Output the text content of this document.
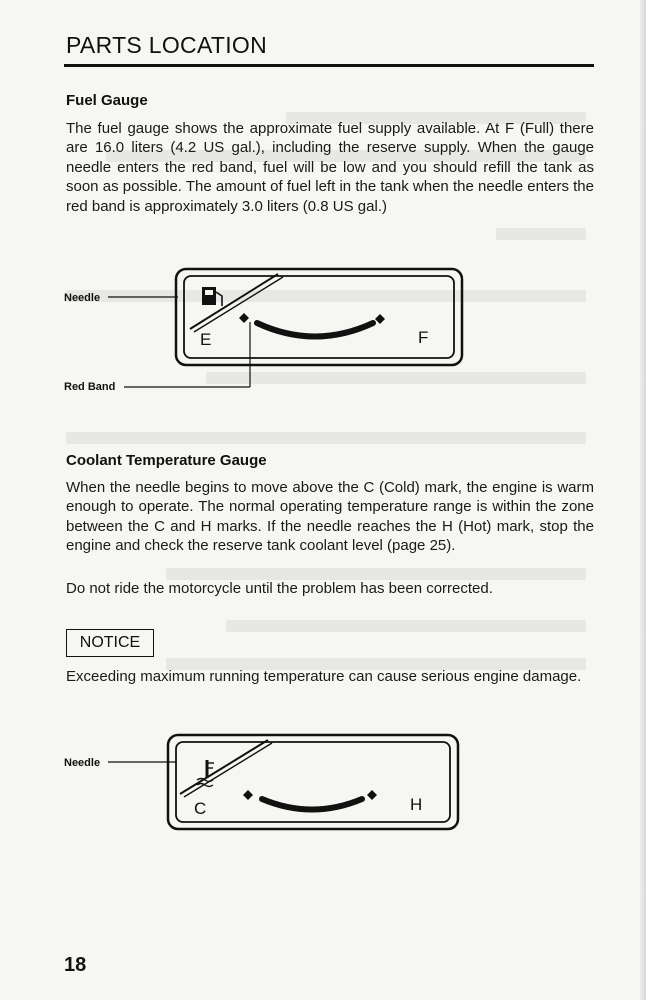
PARTS LOCATION
Fuel Gauge

The fuel gauge shows the approximate fuel supply available. At F (Full) there are 16.0 liters (4.2 US gal.), including the reserve supply. When the gauge needle enters the red band, fuel will be low and you should refill the tank as soon as possible. The amount of fuel left in the tank when the needle enters the red band is approximately 3.0 liters (0.8 US gal.)

Needle
Red Band
E	F
Coolant Temperature Gauge

When the needle begins to move above the C (Cold) mark, the engine is warm enough to operate. The normal operating temperature range is within the zone between the C and H marks. If the needle reaches the H (Hot) mark, stop the engine and check the reserve tank coolant level (page 25).

Do not ride the motorcycle until the problem has been corrected.

NOTICE

Exceeding maximum running temperature can cause serious engine damage.

Needle
C	H
18
